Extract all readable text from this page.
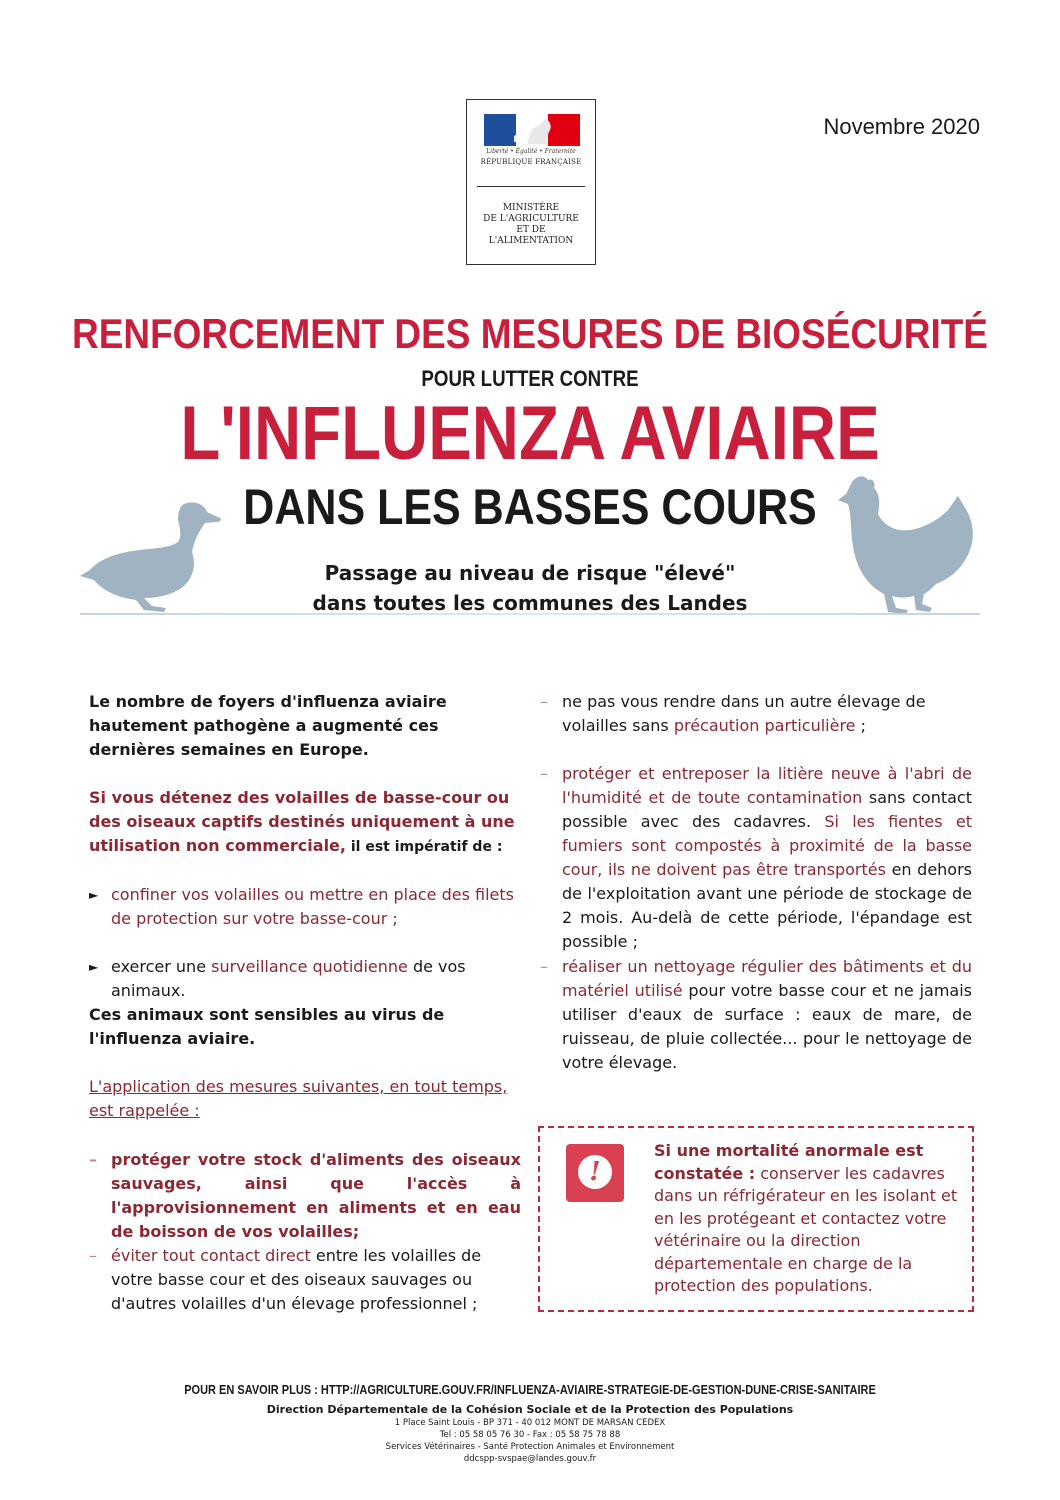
Liberté • Égalité • Fraternité
RÉPUBLIQUE FRANÇAISE
MINISTÈRE
DE L'AGRICULTURE
ET DE
L'ALIMENTATION
Novembre 2020
RENFORCEMENT DES MESURES DE BIOSÉCURITÉ
POUR LUTTER CONTRE
L'INFLUENZA AVIAIRE
DANS LES BASSES COURS
Passage au niveau de risque "élevé"
dans toutes les communes des Landes
Le nombre de foyers d'influenza aviaire hautement pathogène a augmenté ces dernières semaines en Europe.
Si vous détenez des volailles de basse-cour ou des oiseaux captifs destinés uniquement à une utilisation non commerciale, il est impératif de :
► confiner vos volailles ou mettre en place des filets de protection sur votre basse-cour ;
► exercer une surveillance quotidienne de vos animaux.
Ces animaux sont sensibles au virus de l'influenza aviaire.
L'application des mesures suivantes, en tout temps, est rappelée :
– protéger votre stock d'aliments des oiseaux sauvages, ainsi que l'accès à l'approvisionnement en aliments et en eau de boisson de vos volailles;
– éviter tout contact direct entre les volailles de votre basse cour et des oiseaux sauvages ou d'autres volailles d'un élevage professionnel ;
– ne pas vous rendre dans un autre élevage de volailles sans précaution particulière ;
– protéger et entreposer la litière neuve à l'abri de l'humidité et de toute contamination sans contact possible avec des cadavres. Si les fientes et fumiers sont compostés à proximité de la basse cour, ils ne doivent pas être transportés en dehors de l'exploitation avant une période de stockage de 2 mois. Au-delà de cette période, l'épandage est possible ;
– réaliser un nettoyage régulier des bâtiments et du matériel utilisé pour votre basse cour et ne jamais utiliser d'eaux de surface : eaux de mare, de ruisseau, de pluie collectée... pour le nettoyage de votre élevage.
!
Si une mortalité anormale est constatée : conserver les cadavres dans un réfrigérateur en les isolant et en les protégeant et contactez votre vétérinaire ou la direction départementale en charge de la protection des populations.
POUR EN SAVOIR PLUS : HTTP://AGRICULTURE.GOUV.FR/INFLUENZA-AVIAIRE-STRATEGIE-DE-GESTION-DUNE-CRISE-SANITAIRE
Direction Départementale de la Cohésion Sociale et de la Protection des Populations
1 Place Saint Louis - BP 371 - 40 012 MONT DE MARSAN CEDEX
Tel : 05 58 05 76 30 - Fax : 05 58 75 78 88
Services Vétérinaires - Santé Protection Animales et Environnement
ddcspp-svspae@landes.gouv.fr
